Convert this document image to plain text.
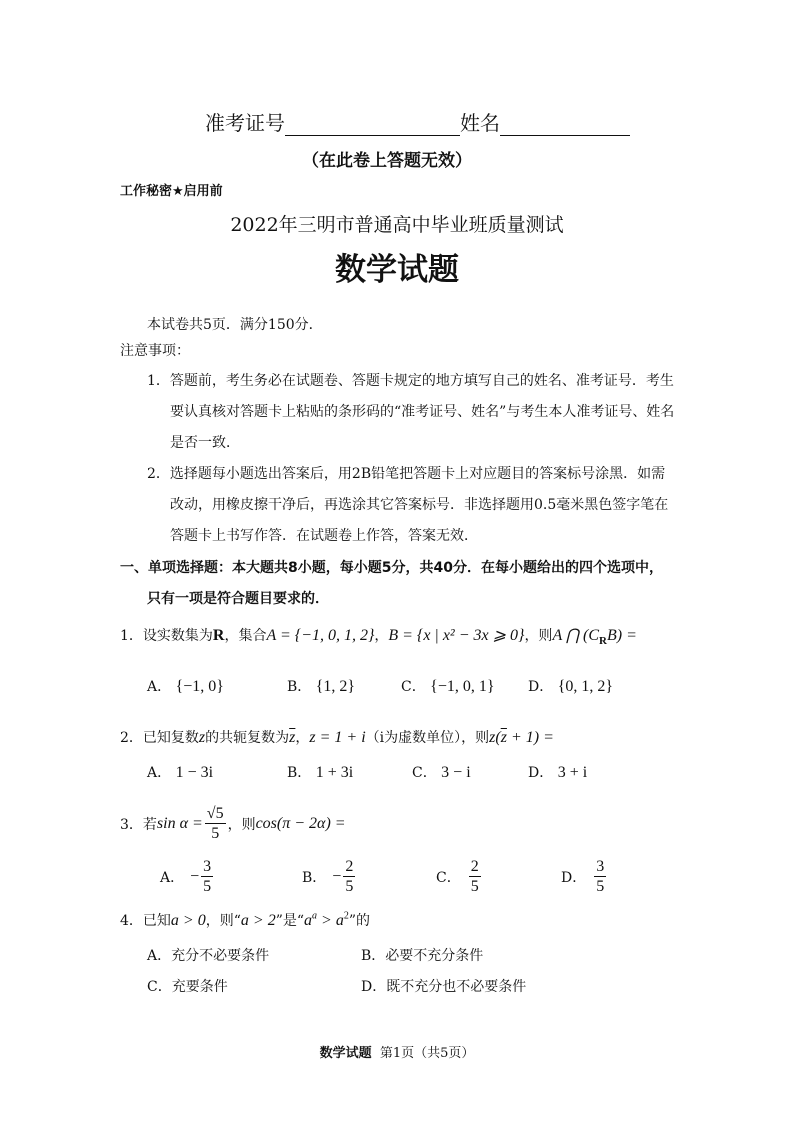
准考证号	姓名
（在此卷上答题无效）
工作秘密★启用前
2022年三明市普通高中毕业班质量测试
数学试题
本试卷共5页．满分150分．
注意事项：
1．答题前，考生务必在试题卷、答题卡规定的地方填写自己的姓名、准考证号．考生
要认真核对答题卡上粘贴的条形码的“准考证号、姓名”与考生本人准考证号、姓名
是否一致．
2．选择题每小题选出答案后，用2B铅笔把答题卡上对应题目的答案标号涂黑．如需
改动，用橡皮擦干净后，再选涂其它答案标号．非选择题用0.5毫米黑色签字笔在
答题卡上书写作答．在试题卷上作答，答案无效．
一、单项选择题：本大题共8小题，每小题5分，共40分．在每小题给出的四个选项中，
只有一项是符合题目要求的．
1．设实数集为R，集合A = {−1, 0, 1, 2}，B = {x | x² − 3x ⩾ 0}，则A ⋂ $(C_RB)$ =
A． {−1, 0}	B． {1, 2}	C． {−1, 0, 1} D． {0, 1, 2}
2．已知复数z的共轭复数为$\overline{z}$，z = 1 + i（i为虚数单位），则$z(\overline{z} + 1)$ =
A． 1 − 3i	B． 1 + 3i	C． 3 − i	D． 3 + i
3．若 $\sin \alpha = \frac{√5}{5}$ ，则 cos(π − 2α) =
A． − $\frac{3}{5}$	B． − $\frac{2}{5}$	C． $\frac{2}{5}$	D． $\frac{3}{5}$
4．已知a > 0，则“a > 2”是“$a^a > a^2$”的
A．充分不必要条件	B．必要不充分条件
C．充要条件	D．既不充分也不必要条件
数学试题 第1页（共5页）
